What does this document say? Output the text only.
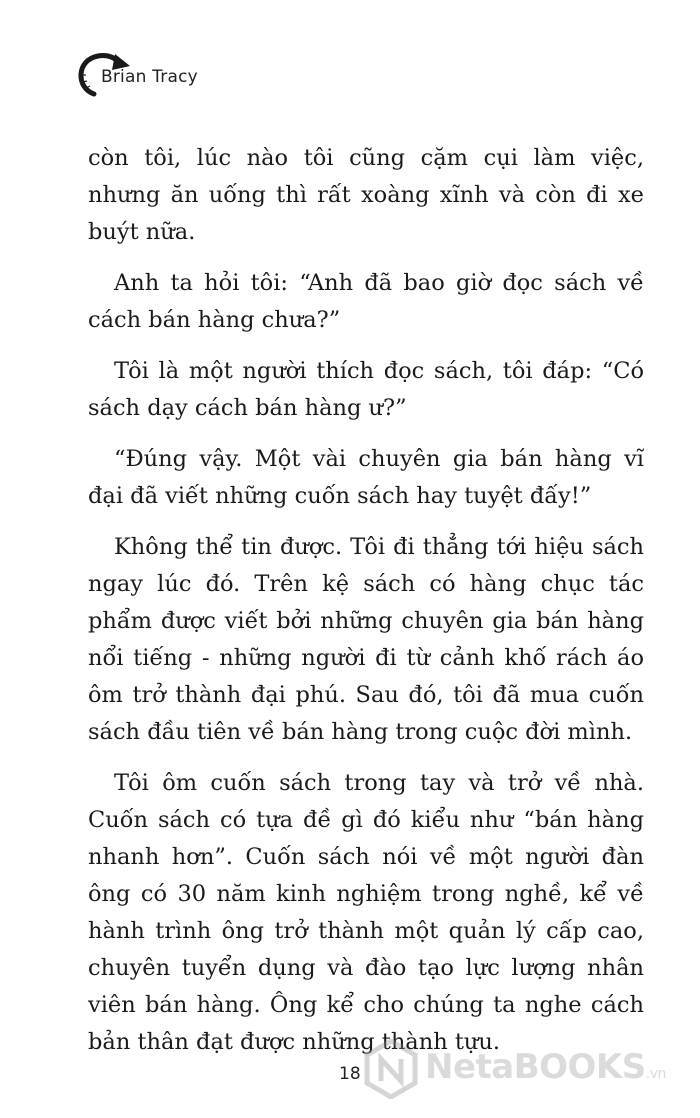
Brian Tracy

còn tôi, lúc nào tôi cũng cặm cụi làm việc, nhưng ăn uống thì rất xoàng xĩnh và còn đi xe buýt nữa.

Anh ta hỏi tôi: “Anh đã bao giờ đọc sách về cách bán hàng chưa?”

Tôi là một người thích đọc sách, tôi đáp: “Có sách dạy cách bán hàng ư?”

“Đúng vậy. Một vài chuyên gia bán hàng vĩ đại đã viết những cuốn sách hay tuyệt đấy!”

Không thể tin được. Tôi đi thẳng tới hiệu sách ngay lúc đó. Trên kệ sách có hàng chục tác phẩm được viết bởi những chuyên gia bán hàng nổi tiếng - những người đi từ cảnh khố rách áo ôm trở thành đại phú. Sau đó, tôi đã mua cuốn sách đầu tiên về bán hàng trong cuộc đời mình.

Tôi ôm cuốn sách trong tay và trở về nhà. Cuốn sách có tựa đề gì đó kiểu như “bán hàng nhanh hơn”. Cuốn sách nói về một người đàn ông có 30 năm kinh nghiệm trong nghề, kể về hành trình ông trở thành một quản lý cấp cao, chuyên tuyển dụng và đào tạo lực lượng nhân viên bán hàng. Ông kể cho chúng ta nghe cách bản thân đạt được những thành tựu.

18 NetaBOOKS.vn
